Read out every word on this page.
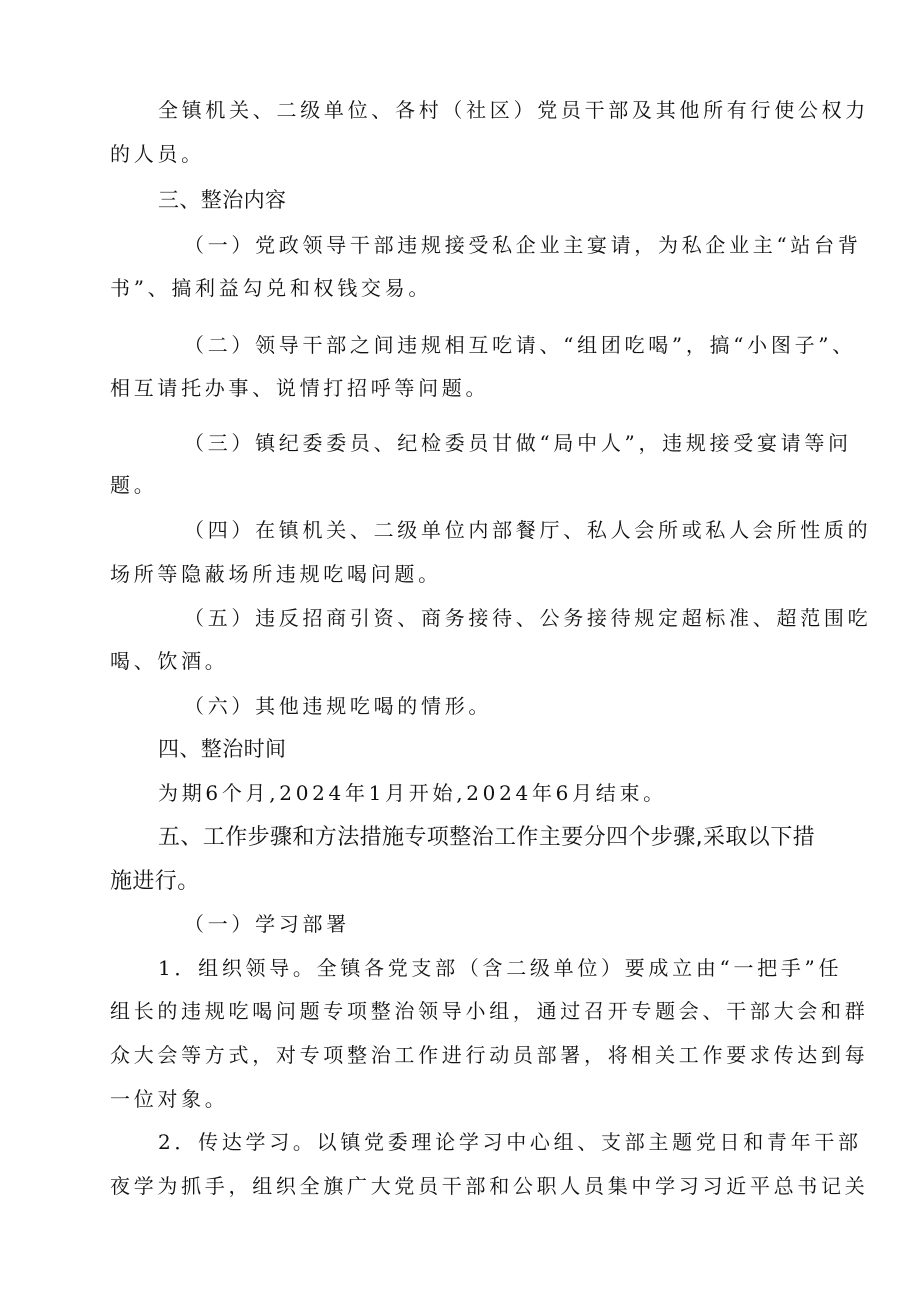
全镇机关、二级单位、各村（社区）党员干部及其他所有行使公权力
的人员。
三、整治内容
（一）党政领导干部违规接受私企业主宴请，为私企业主“站台背
书”、搞利益勾兑和权钱交易。
（二）领导干部之间违规相互吃请、“组团吃喝”，搞“小图子”、
相互请托办事、说情打招呼等问题。
（三）镇纪委委员、纪检委员甘做“局中人”，违规接受宴请等问
题。
（四）在镇机关、二级单位内部餐厅、私人会所或私人会所性质的
场所等隐蔽场所违规吃喝问题。
（五）违反招商引资、商务接待、公务接待规定超标准、超范围吃
喝、饮酒。
（六）其他违规吃喝的情形。
四、整治时间
为期6个月,2024年1月开始,2024年6月结束。
五、工作步骤和方法措施专项整治工作主要分四个步骤,采取以下措
施进行。
（一）学习部署
1．组织领导。全镇各党支部（含二级单位）要成立由“一把手”任
组长的违规吃喝问题专项整治领导小组，通过召开专题会、干部大会和群
众大会等方式，对专项整治工作进行动员部署，将相关工作要求传达到每
一位对象。
2．传达学习。以镇党委理论学习中心组、支部主题党日和青年干部
夜学为抓手，组织全旗广大党员干部和公职人员集中学习习近平总书记关
